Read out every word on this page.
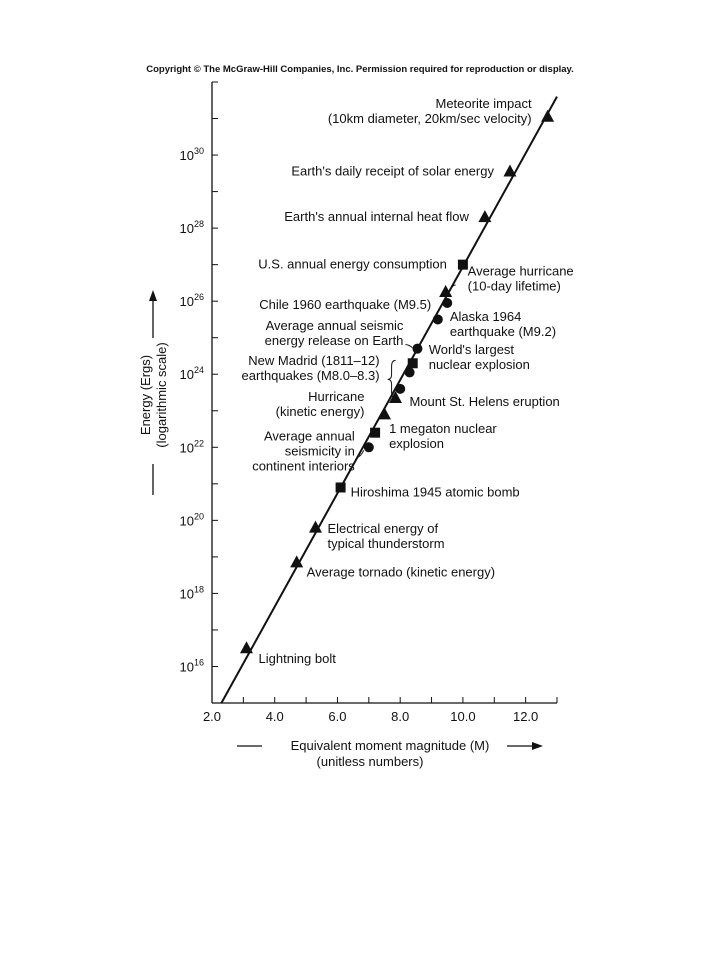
Copyright © The McGraw-Hill Companies, Inc. Permission required for reproduction or display.
$10^{16}$
$10^{18}$
$10^{20}$
$10^{22}$
$10^{24}$
$10^{26}$
$10^{28}$
$10^{30}$
2.0	4.0	6.0	8.0	10.0	12.0
Meteorite impact
(10km diameter, 20km/sec velocity)
Earth's daily receipt of solar energy
Earth's annual internal heat flow
U.S. annual energy consumption Average hurricane
(10-day lifetime)
Chile 1960 earthquake (M9.5)
Alaska 1964
earthquake (M9.2)
Average annual seismic
energy release on Earth
World's largest
nuclear explosion
New Madrid (1811–12)
earthquakes (M8.0–8.3)
Mount St. Helens eruption
Hurricane
(kinetic energy)
1 megaton nuclear
explosion
Average annual
seismicity in
continent interiors
Hiroshima 1945 atomic bomb
Electrical energy of
typical thunderstorm
Average tornado (kinetic energy)
Lightning bolt
Equivalent moment magnitude (M)
(unitless numbers)
Energy (Ergs) (logarithmic scale)
